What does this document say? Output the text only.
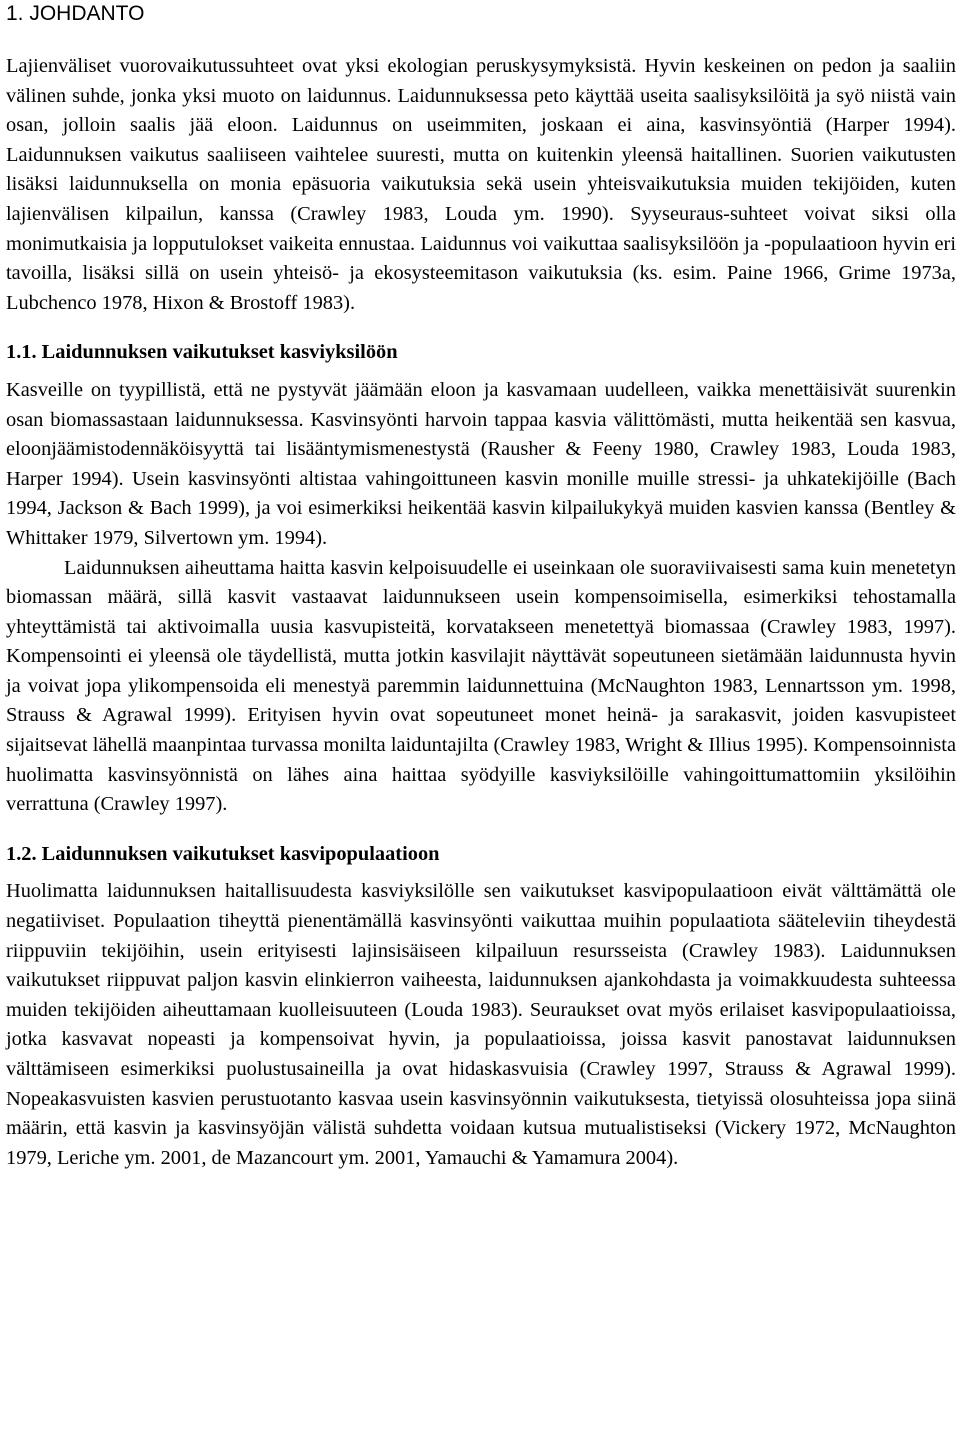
1. JOHDANTO

Lajienväliset vuorovaikutussuhteet ovat yksi ekologian peruskysymyksistä. Hyvin keskeinen on pedon ja saaliin välinen suhde, jonka yksi muoto on laidunnus. Laidunnuksessa peto käyttää useita saalisyksilöitä ja syö niistä vain osan, jolloin saalis jää eloon. Laidunnus on useimmiten, joskaan ei aina, kasvinsyöntiä (Harper 1994). Laidunnuksen vaikutus saaliiseen vaihtelee suuresti, mutta on kuitenkin yleensä haitallinen. Suorien vaikutusten lisäksi laidunnuksella on monia epäsuoria vaikutuksia sekä usein yhteisvaikutuksia muiden tekijöiden, kuten lajienvälisen kilpailun, kanssa (Crawley 1983, Louda ym. 1990). Syyseuraus-suhteet voivat siksi olla monimutkaisia ja lopputulokset vaikeita ennustaa. Laidunnus voi vaikuttaa saalisyksilöön ja -populaatioon hyvin eri tavoilla, lisäksi sillä on usein yhteisö- ja ekosysteemitason vaikutuksia (ks. esim. Paine 1966, Grime 1973a, Lubchenco 1978, Hixon & Brostoff 1983).

1.1. Laidunnuksen vaikutukset kasviyksilöön

Kasveille on tyypillistä, että ne pystyvät jäämään eloon ja kasvamaan uudelleen, vaikka menettäisivät suurenkin osan biomassastaan laidunnuksessa. Kasvinsyönti harvoin tappaa kasvia välittömästi, mutta heikentää sen kasvua, eloonjäämistodennäköisyyttä tai lisääntymismenestystä (Rausher & Feeny 1980, Crawley 1983, Louda 1983, Harper 1994). Usein kasvinsyönti altistaa vahingoittuneen kasvin monille muille stressi- ja uhkatekijöille (Bach 1994, Jackson & Bach 1999), ja voi esimerkiksi heikentää kasvin kilpailukykyä muiden kasvien kanssa (Bentley & Whittaker 1979, Silvertown ym. 1994).

Laidunnuksen aiheuttama haitta kasvin kelpoisuudelle ei useinkaan ole suoraviivaisesti sama kuin menetetyn biomassan määrä, sillä kasvit vastaavat laidunnukseen usein kompensoimisella, esimerkiksi tehostamalla yhteyttämistä tai aktivoimalla uusia kasvupisteitä, korvatakseen menetettyä biomassaa (Crawley 1983, 1997). Kompensointi ei yleensä ole täydellistä, mutta jotkin kasvilajit näyttävät sopeutuneen sietämään laidunnusta hyvin ja voivat jopa ylikompensoida eli menestyä paremmin laidunnettuina (McNaughton 1983, Lennartsson ym. 1998, Strauss & Agrawal 1999). Erityisen hyvin ovat sopeutuneet monet heinä- ja sarakasvit, joiden kasvupisteet sijaitsevat lähellä maanpintaa turvassa monilta laiduntajilta (Crawley 1983, Wright & Illius 1995). Kompensoinnista huolimatta kasvinsyönnistä on lähes aina haittaa syödyille kasviyksilöille vahingoittumattomiin yksilöihin verrattuna (Crawley 1997).

1.2. Laidunnuksen vaikutukset kasvipopulaatioon

Huolimatta laidunnuksen haitallisuudesta kasviyksilölle sen vaikutukset kasvipopulaatioon eivät välttämättä ole negatiiviset. Populaation tiheyttä pienentämällä kasvinsyönti vaikuttaa muihin populaatiota sääteleviin tiheydestä riippuviin tekijöihin, usein erityisesti lajinsisäiseen kilpailuun resursseista (Crawley 1983). Laidunnuksen vaikutukset riippuvat paljon kasvin elinkierron vaiheesta, laidunnuksen ajankohdasta ja voimakkuudesta suhteessa muiden tekijöiden aiheuttamaan kuolleisuuteen (Louda 1983). Seuraukset ovat myös erilaiset kasvipopulaatioissa, jotka kasvavat nopeasti ja kompensoivat hyvin, ja populaatioissa, joissa kasvit panostavat laidunnuksen välttämiseen esimerkiksi puolustusaineilla ja ovat hidaskasvuisia (Crawley 1997, Strauss & Agrawal 1999). Nopeakasvuisten kasvien perustuotanto kasvaa usein kasvinsyönnin vaikutuksesta, tietyissä olosuhteissa jopa siinä määrin, että kasvin ja kasvinsyöjän välistä suhdetta voidaan kutsua mutualistiseksi (Vickery 1972, McNaughton 1979, Leriche ym. 2001, de Mazancourt ym. 2001, Yamauchi & Yamamura 2004).
